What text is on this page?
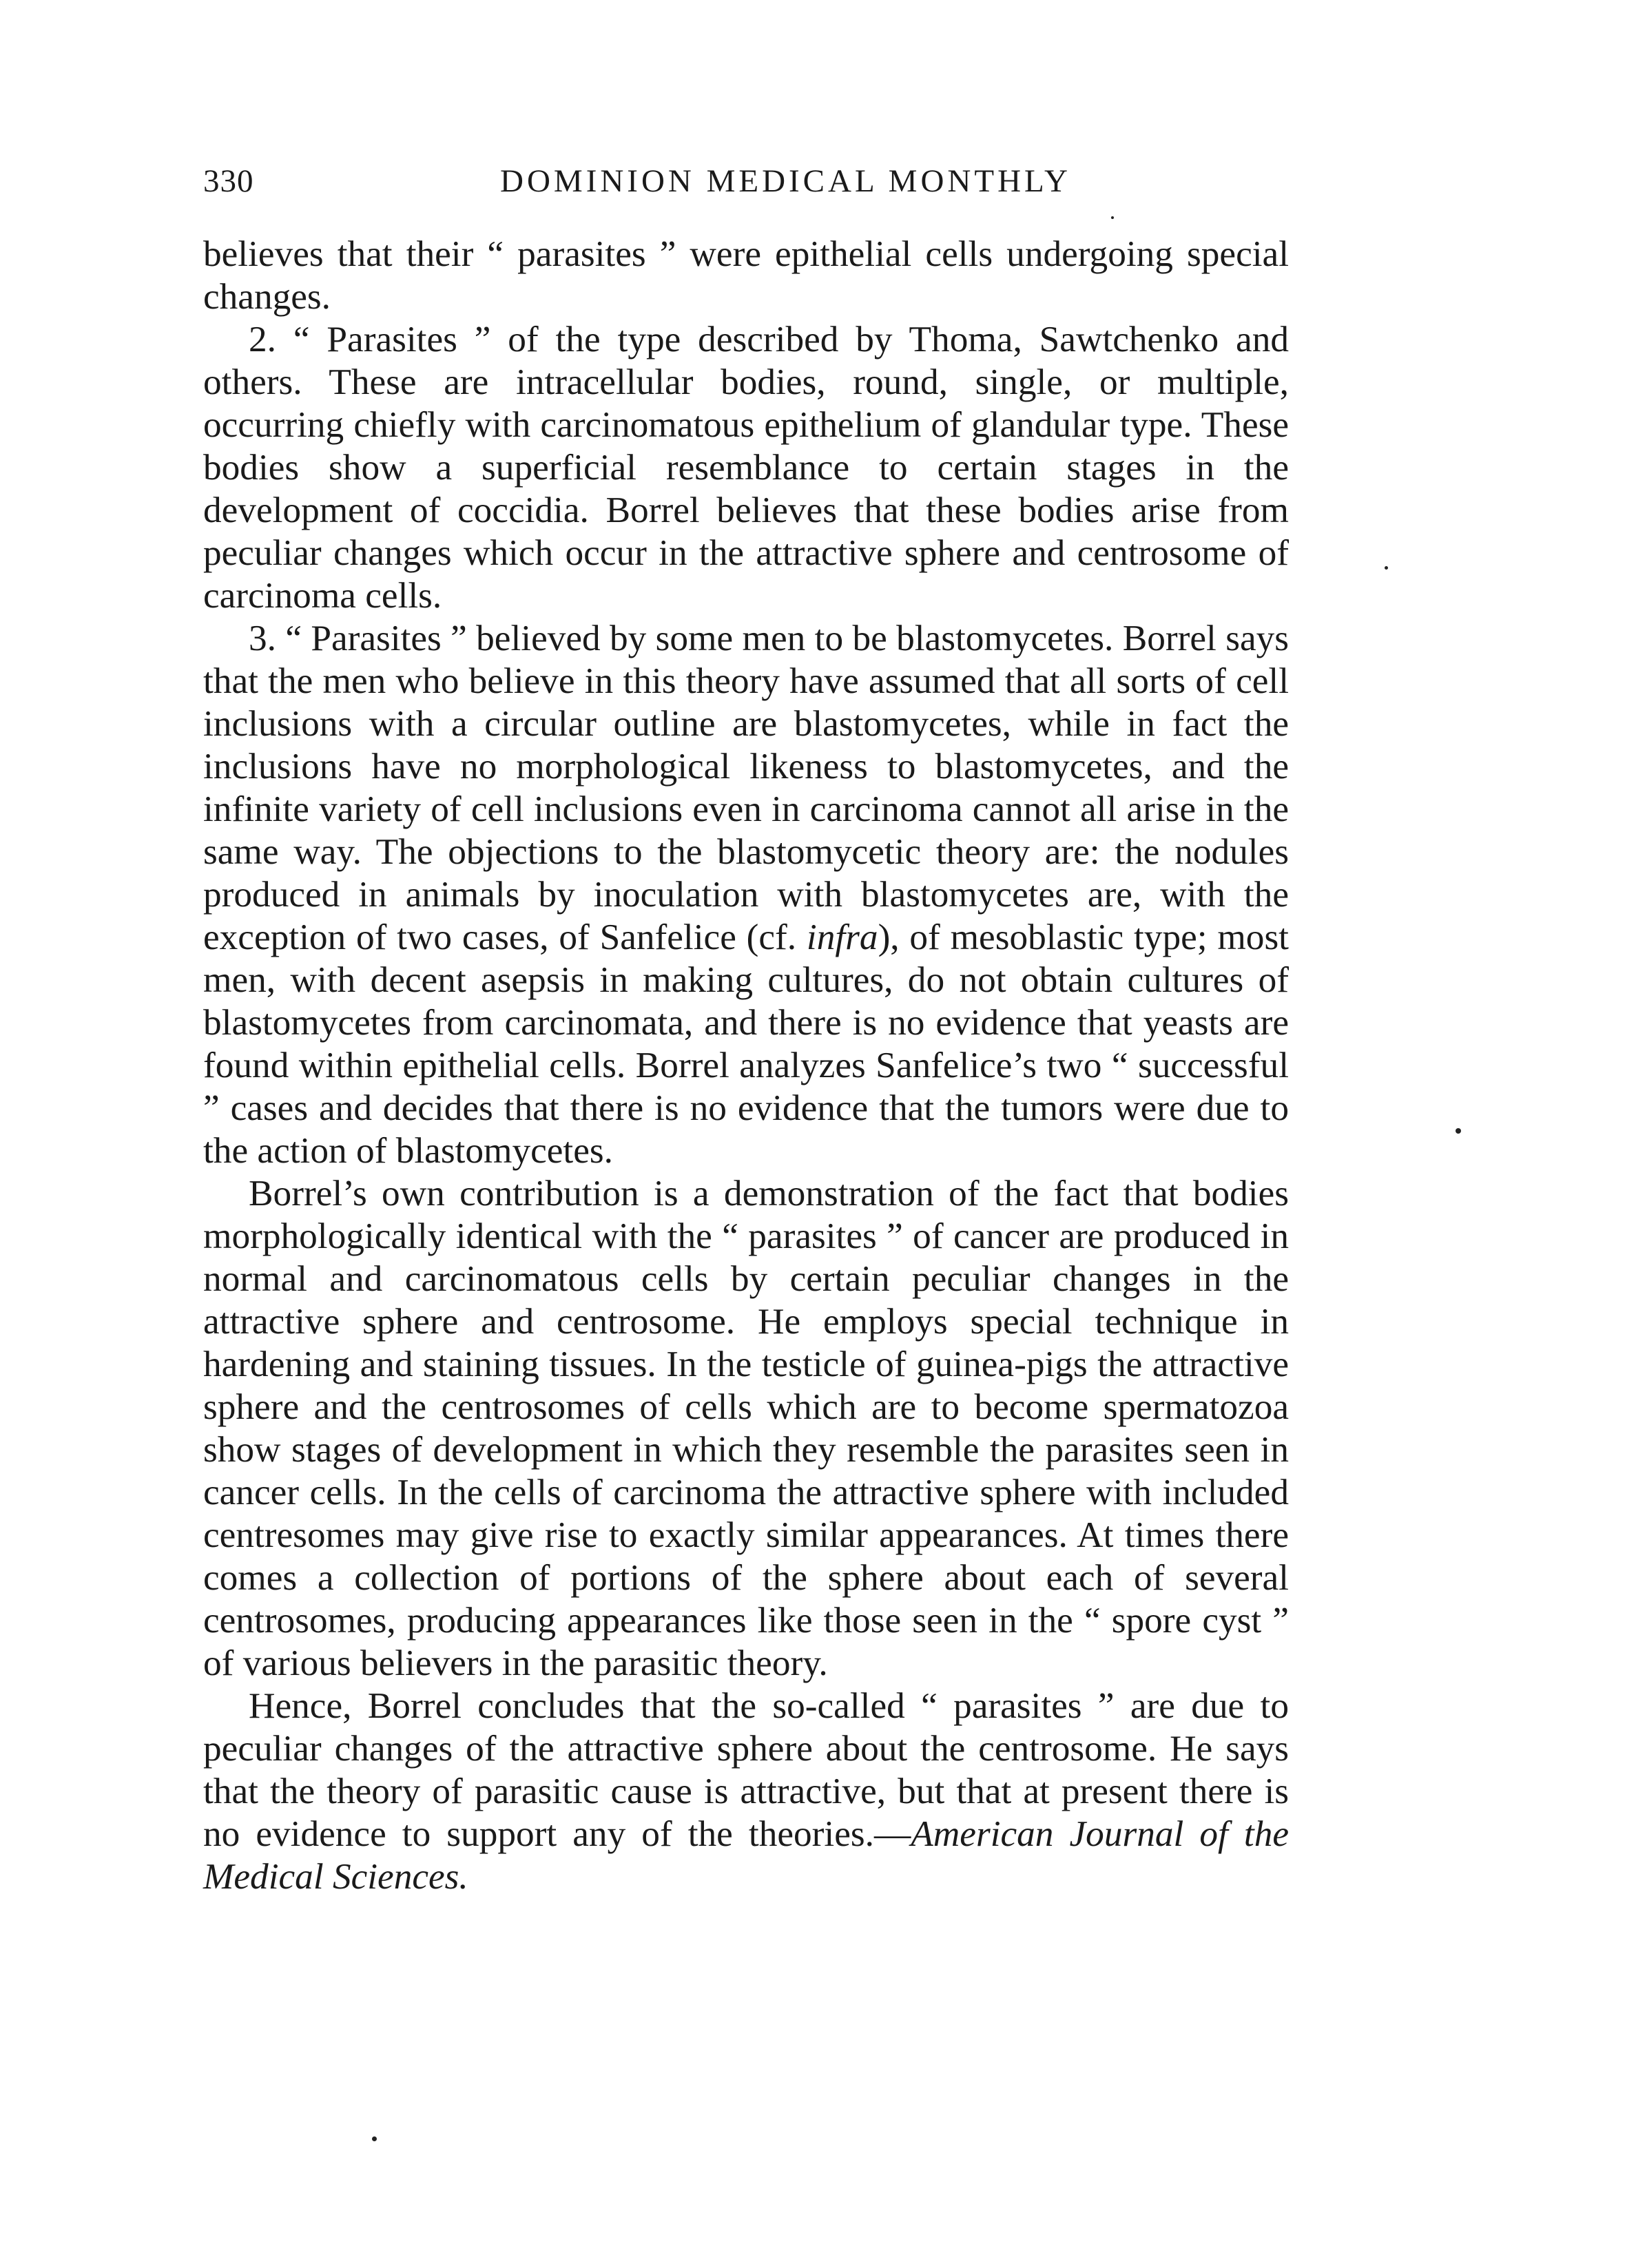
330	DOMINION MEDICAL MONTHLY

believes that their “ parasites ” were epithelial cells undergoing special changes.

2. “ Parasites ” of the type described by Thoma, Sawtchenko and others. These are intracellular bodies, round, single, or multiple, occurring chiefly with carcinomatous epithelium of glandular type. These bodies show a superficial resemblance to certain stages in the development of coccidia. Borrel believes that these bodies arise from peculiar changes which occur in the attractive sphere and centrosome of carcinoma cells.

3. “ Parasites ” believed by some men to be blastomycetes. Borrel says that the men who believe in this theory have assumed that all sorts of cell inclusions with a circular outline are blastomycetes, while in fact the inclusions have no morphological likeness to blastomycetes, and the infinite variety of cell inclusions even in carcinoma cannot all arise in the same way. The objections to the blastomycetic theory are: the nodules produced in animals by inoculation with blastomycetes are, with the exception of two cases, of Sanfelice (cf. infra), of mesoblastic type; most men, with decent asepsis in making cultures, do not obtain cultures of blastomycetes from carcinomata, and there is no evidence that yeasts are found within epithelial cells. Borrel analyzes Sanfelice’s two “ successful ” cases and decides that there is no evidence that the tumors were due to the action of blastomycetes.

Borrel’s own contribution is a demonstration of the fact that bodies morphologically identical with the “ parasites ” of cancer are produced in normal and carcinomatous cells by certain peculiar changes in the attractive sphere and centrosome. He employs special technique in hardening and staining tissues. In the testicle of guinea-pigs the attractive sphere and the centrosomes of cells which are to become spermatozoa show stages of development in which they resemble the parasites seen in cancer cells. In the cells of carcinoma the attractive sphere with included centresomes may give rise to exactly similar appearances. At times there comes a collection of portions of the sphere about each of several centrosomes, producing appearances like those seen in the “ spore cyst ” of various believers in the parasitic theory.

Hence, Borrel concludes that the so-called “ parasites ” are due to peculiar changes of the attractive sphere about the centrosome. He says that the theory of parasitic cause is attractive, but that at present there is no evidence to support any of the theories.—American Journal of the Medical Sciences.
